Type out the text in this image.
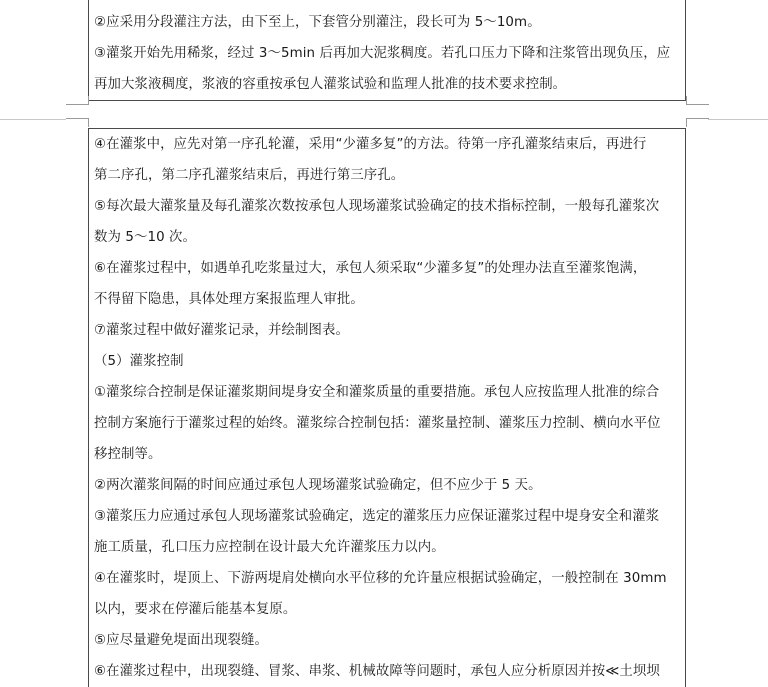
②应采用分段灌注方法，由下至上，下套管分别灌注，段长可为 5～10m。
③灌浆开始先用稀浆，经过 3～5min 后再加大泥浆稠度。若孔口压力下降和注浆管出现负压，应
再加大浆液稠度，浆液的容重按承包人灌浆试验和监理人批准的技术要求控制。
④在灌浆中，应先对第一序孔轮灌，采用“少灌多复”的方法。待第一序孔灌浆结束后，再进行
第二序孔，第二序孔灌浆结束后，再进行第三序孔。
⑤每次最大灌浆量及每孔灌浆次数按承包人现场灌浆试验确定的技术指标控制，一般每孔灌浆次
数为 5～10 次。
⑥在灌浆过程中，如遇单孔吃浆量过大，承包人须采取“少灌多复”的处理办法直至灌浆饱满，
不得留下隐患，具体处理方案报监理人审批。
⑦灌浆过程中做好灌浆记录，并绘制图表。
（5）灌浆控制
①灌浆综合控制是保证灌浆期间堤身安全和灌浆质量的重要措施。承包人应按监理人批准的综合
控制方案施行于灌浆过程的始终。灌浆综合控制包括：灌浆量控制、灌浆压力控制、横向水平位
移控制等。
②两次灌浆间隔的时间应通过承包人现场灌浆试验确定，但不应少于 5 天。
③灌浆压力应通过承包人现场灌浆试验确定，选定的灌浆压力应保证灌浆过程中堤身安全和灌浆
施工质量，孔口压力应控制在设计最大允许灌浆压力以内。
④在灌浆时，堤顶上、下游两堤肩处横向水平位移的允许量应根据试验确定，一般控制在 30mm
以内，要求在停灌后能基本复原。
⑤应尽量避免堤面出现裂缝。
⑥在灌浆过程中，出现裂缝、冒浆、串浆、机械故障等问题时，承包人应分析原因并按≪土坝坝
